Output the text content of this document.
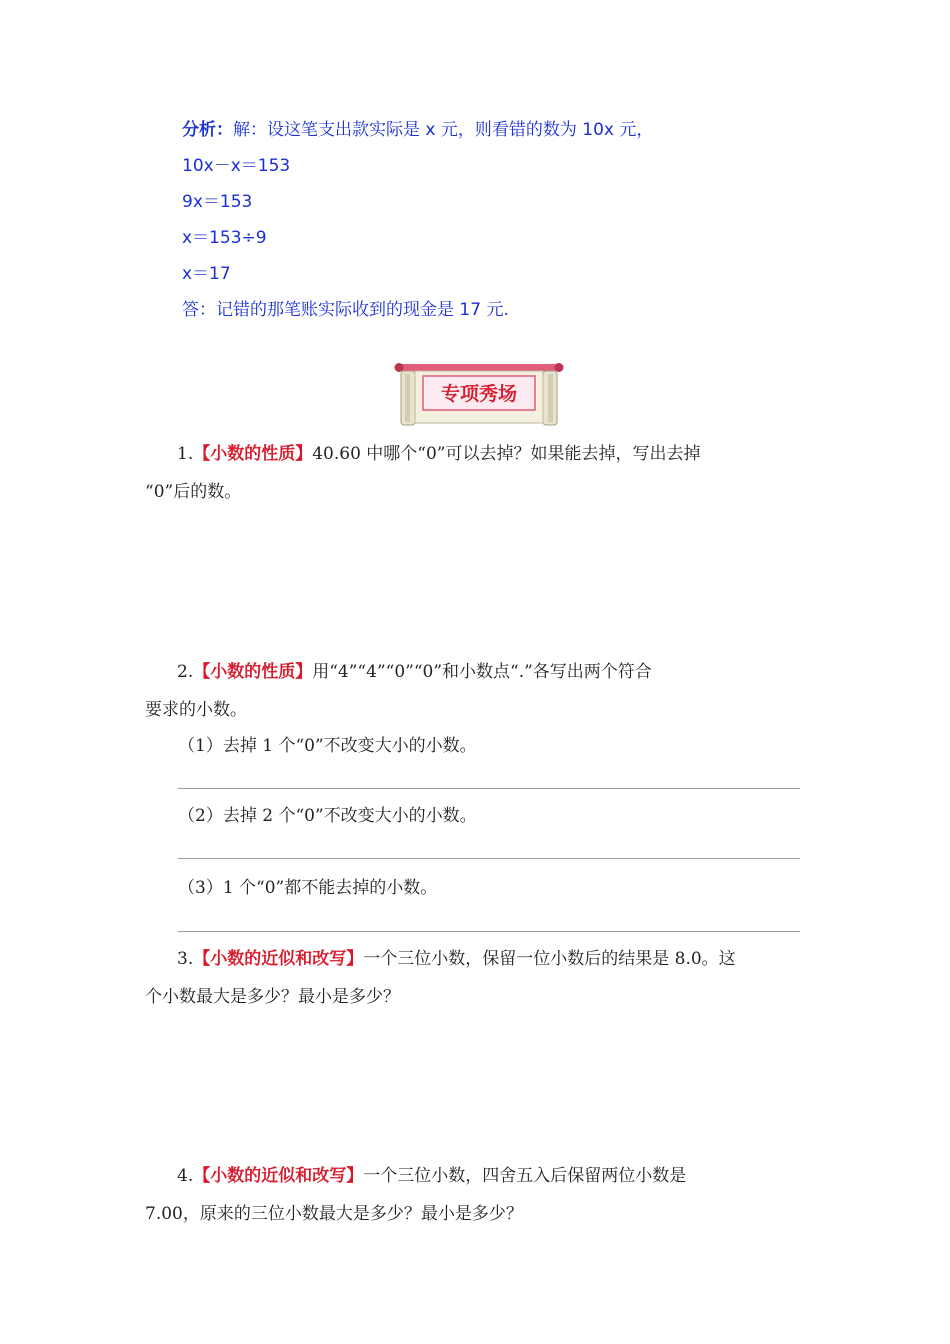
分析：解：设这笔支出款实际是 x 元，则看错的数为 10x 元，
10x－x＝153
9x＝153
x＝153÷9
x＝17
答：记错的那笔账实际收到的现金是 17 元.
专项秀场
1.【小数的性质】40.60 中哪个“0”可以去掉？如果能去掉，写出去掉
“0”后的数。
2.【小数的性质】用“4”“4”“0”“0”和小数点“.”各写出两个符合
要求的小数。
（1）去掉 1 个“0”不改变大小的小数。
（2）去掉 2 个“0”不改变大小的小数。
（3）1 个“0”都不能去掉的小数。
3.【小数的近似和改写】一个三位小数，保留一位小数后的结果是 8.0。这
个小数最大是多少？最小是多少？
4.【小数的近似和改写】一个三位小数，四舍五入后保留两位小数是
7.00，原来的三位小数最大是多少？最小是多少？
